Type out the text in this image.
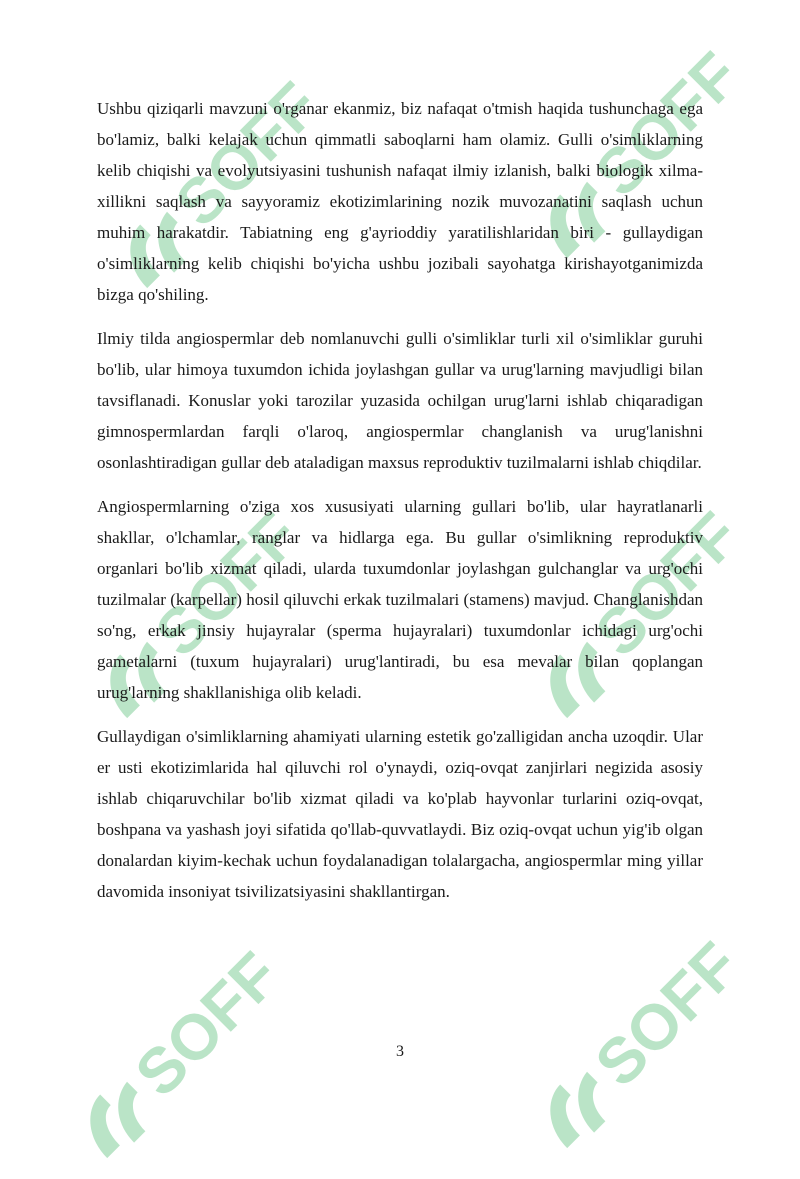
SOFF	SOFF
SOFF
SOFF
SOFF
SOFF

Ushbu qiziqarli mavzuni o'rganar ekanmiz, biz nafaqat o'tmish haqida tushunchaga ega bo'lamiz, balki kelajak uchun qimmatli saboqlarni ham olamiz. Gulli o'simliklarning kelib chiqishi va evolyutsiyasini tushunish nafaqat ilmiy izlanish, balki biologik xilma-xillikni saqlash va sayyoramiz ekotizimlarining nozik muvozanatini saqlash uchun muhim harakatdir. Tabiatning eng g'ayrioddiy yaratilishlaridan biri - gullaydigan o'simliklarning kelib chiqishi bo'yicha ushbu jozibali sayohatga kirishayotganimizda bizga qo'shiling.

Ilmiy tilda angiospermlar deb nomlanuvchi gulli o'simliklar turli xil o'simliklar guruhi bo'lib, ular himoya tuxumdon ichida joylashgan gullar va urug'larning mavjudligi bilan tavsiflanadi. Konuslar yoki tarozilar yuzasida ochilgan urug'larni ishlab chiqaradigan gimnospermlardan farqli o'laroq, angiospermlar changlanish va urug'lanishni osonlashtiradigan gullar deb ataladigan maxsus reproduktiv tuzilmalarni ishlab chiqdilar.

Angiospermlarning o'ziga xos xususiyati ularning gullari bo'lib, ular hayratlanarli shakllar, o'lchamlar, ranglar va hidlarga ega. Bu gullar o'simlikning reproduktiv organlari bo'lib xizmat qiladi, ularda tuxumdonlar joylashgan gulchanglar va urg'ochi tuzilmalar (karpellar) hosil qiluvchi erkak tuzilmalari (stamens) mavjud. Changlanishdan so'ng, erkak jinsiy hujayralar (sperma hujayralari) tuxumdonlar ichidagi urg'ochi gametalarni (tuxum hujayralari) urug'lantiradi, bu esa mevalar bilan qoplangan urug'larning shakllanishiga olib keladi.

Gullaydigan o'simliklarning ahamiyati ularning estetik go'zalligidan ancha uzoqdir. Ular er usti ekotizimlarida hal qiluvchi rol o'ynaydi, oziq-ovqat zanjirlari negizida asosiy ishlab chiqaruvchilar bo'lib xizmat qiladi va ko'plab hayvonlar turlarini oziq-ovqat, boshpana va yashash joyi sifatida qo'llab-quvvatlaydi. Biz oziq-ovqat uchun yig'ib olgan donalardan kiyim-kechak uchun foydalanadigan tolalargacha, angiospermlar ming yillar davomida insoniyat tsivilizatsiyasini shakllantirgan.

3
